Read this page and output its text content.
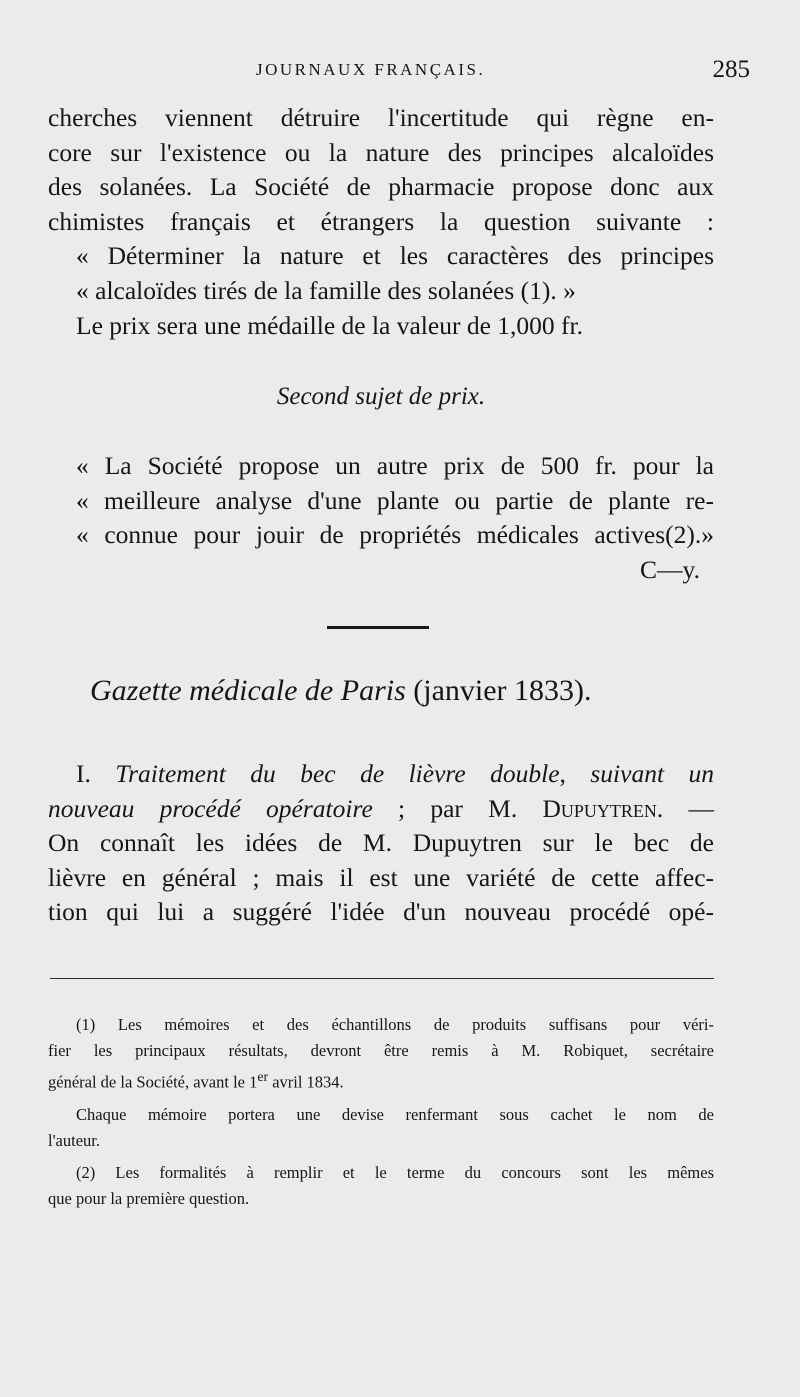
JOURNAUX FRANÇAIS.	285

cherches viennent détruire l'incertitude qui règne en-

core sur l'existence ou la nature des principes alcaloïdes

des solanées. La Société de pharmacie propose donc aux

chimistes français et étrangers la question suivante :

« Déterminer la nature et les caractères des principes

« alcaloïdes tirés de la famille des solanées (1). »

Le prix sera une médaille de la valeur de 1,000 fr.

Second sujet de prix.

« La Société propose un autre prix de 500 fr. pour la

« meilleure analyse d'une plante ou partie de plante re-

« connue pour jouir de propriétés médicales actives(2).»

C—y.

Gazette médicale de Paris (janvier 1833).

I. Traitement du bec de lièvre double, suivant un

nouveau procédé opératoire ; par M. Dupuytren. —

On connaît les idées de M. Dupuytren sur le bec de

lièvre en général ; mais il est une variété de cette affec-

tion qui lui a suggéré l'idée d'un nouveau procédé opé-

(1) Les mémoires et des échantillons de produits suffisans pour véri-
fier les principaux résultats, devront être remis à M. Robiquet, secrétaire
général de la Société, avant le 1er avril 1834.

Chaque mémoire portera une devise renfermant sous cachet le nom de
l'auteur.

(2) Les formalités à remplir et le terme du concours sont les mêmes
que pour la première question.
